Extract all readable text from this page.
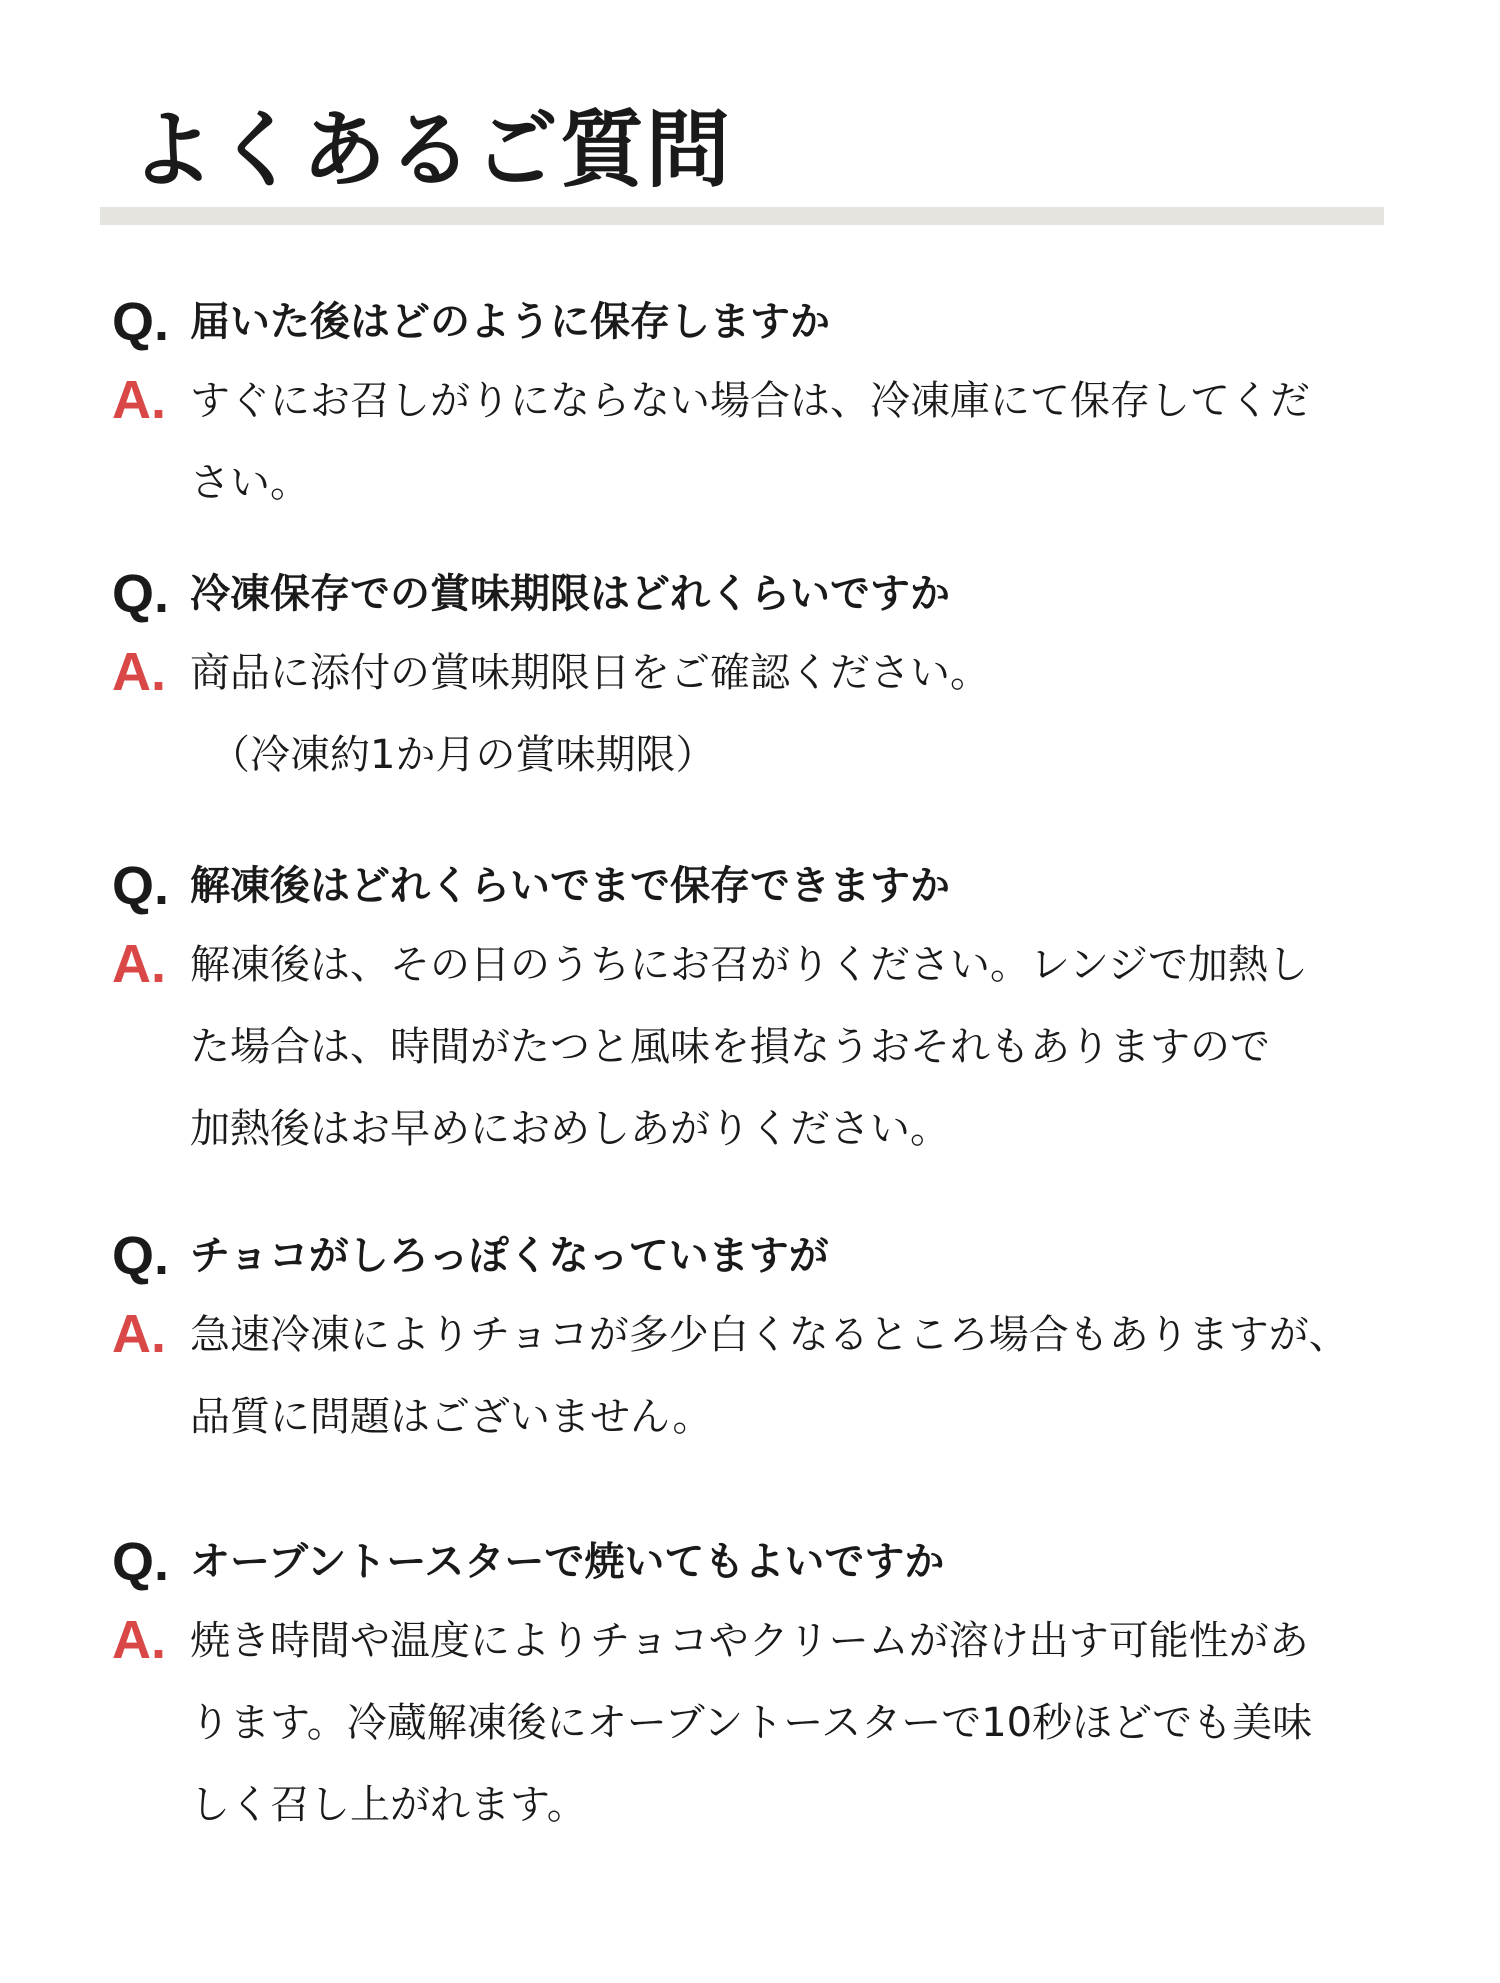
よくあるご質問
Q. 届いた後はどのように保存しますか

A. すぐにお召しがりにならない場合は、冷凍庫にて保存してくだ
さい。
Q. 冷凍保存での賞味期限はどれくらいですか

A. 商品に添付の賞味期限日をご確認ください。
（冷凍約1か月の賞味期限）
Q. 解凍後はどれくらいでまで保存できますか

A. 解凍後は、その日のうちにお召がりください。レンジで加熱し
た場合は、時間がたつと風味を損なうおそれもありますので
加熱後はお早めにおめしあがりください。
Q. チョコがしろっぽくなっていますが

A. 急速冷凍によりチョコが多少白くなるところ場合もありますが、
品質に問題はございません。
Q. オーブントースターで焼いてもよいですか

A. 焼き時間や温度によりチョコやクリームが溶け出す可能性があ
ります。冷蔵解凍後にオーブントースターで10秒ほどでも美味
しく召し上がれます。
